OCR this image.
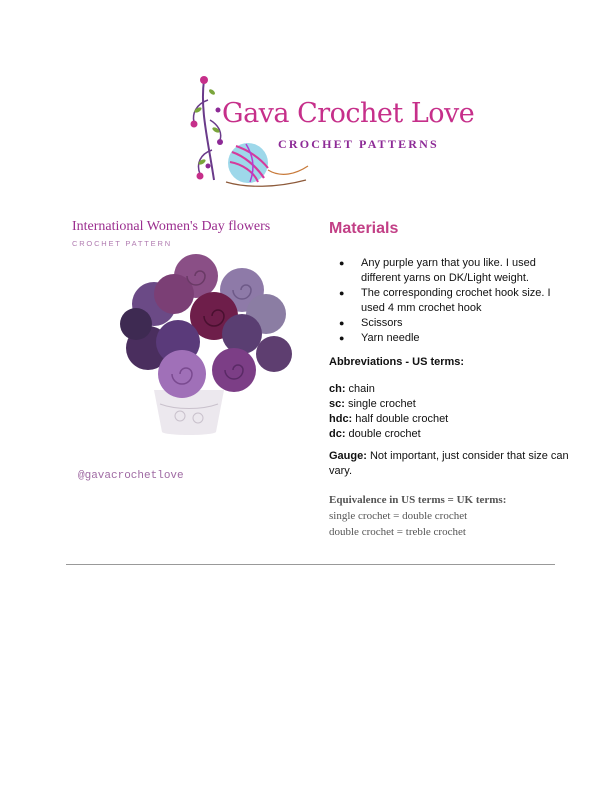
Gava Crochet Love
CROCHET PATTERNS
International Women's Day flowers
CROCHET PATTERN
@gavacrochetlove
Materials
● Any purple yarn that you like. I used different yarns on DK/Light weight.
● The corresponding crochet hook size. I used 4 mm crochet hook
● Scissors
● Yarn needle
Abbreviations - US terms:
ch: chain
sc: single crochet
hdc: half double crochet
dc: double crochet
Gauge: Not important, just consider that size can vary.
Equivalence in US terms = UK terms:
single crochet = double crochet
double crochet = treble crochet
